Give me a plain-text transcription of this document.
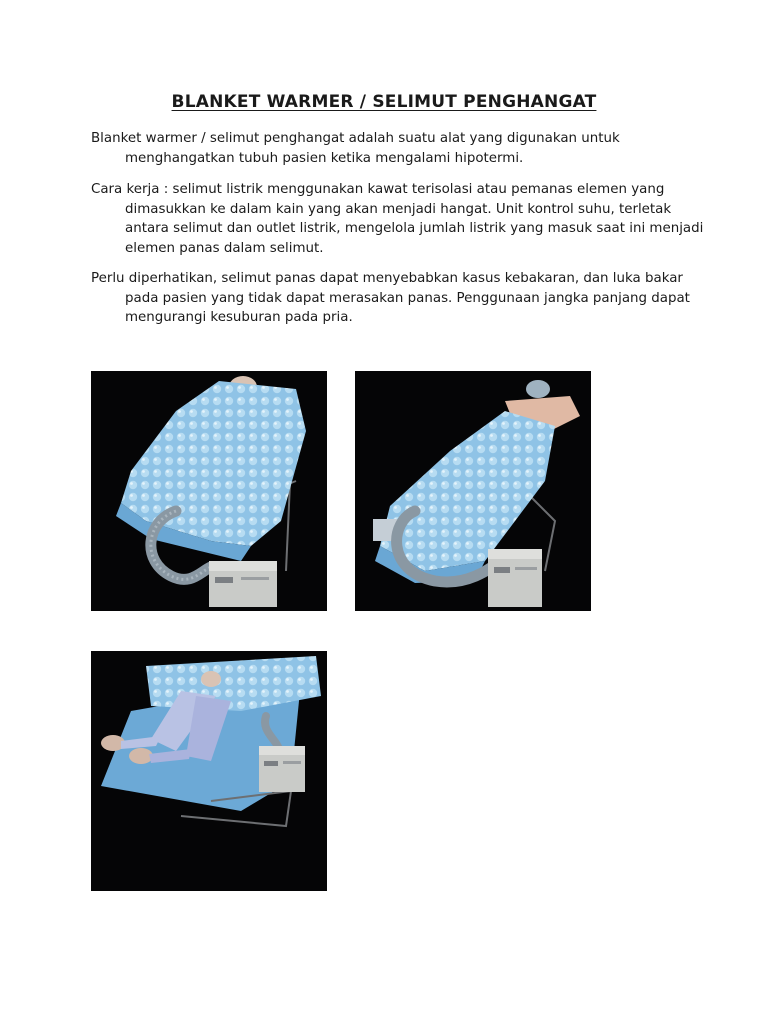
BLANKET WARMER / SELIMUT PENGHANGAT

Blanket warmer / selimut penghangat adalah suatu alat yang digunakan untuk menghangatkan tubuh pasien ketika mengalami hipotermi.

Cara kerja : selimut listrik menggunakan kawat terisolasi atau pemanas elemen yang dimasukkan ke dalam kain yang akan menjadi hangat. Unit kontrol suhu, terletak antara selimut dan outlet listrik, mengelola jumlah listrik yang masuk saat ini menjadi elemen panas dalam selimut.

Perlu diperhatikan, selimut panas dapat menyebabkan kasus kebakaran, dan luka bakar pada pasien yang tidak dapat merasakan panas. Penggunaan jangka panjang dapat mengurangi kesuburan pada pria.
